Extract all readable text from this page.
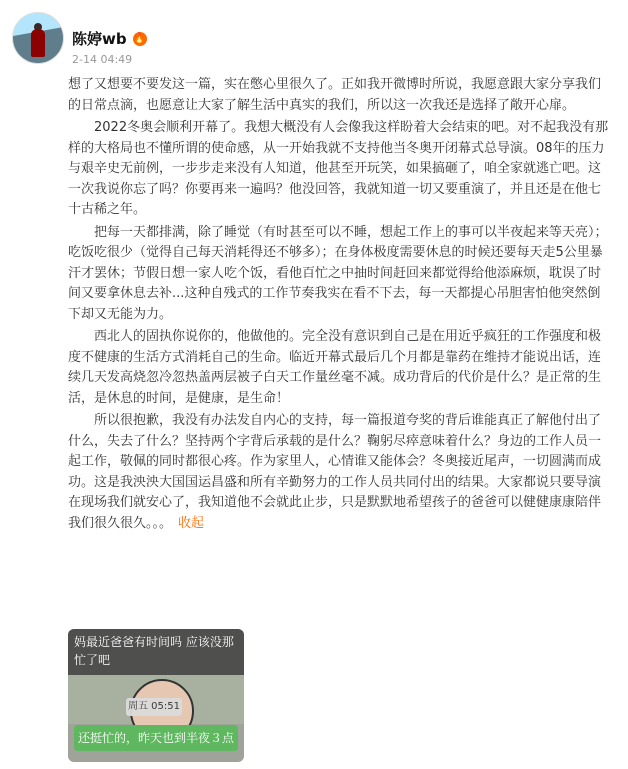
陈婷wb 🔥
2-14 04:49

想了又想要不要发这一篇，实在憋心里很久了。正如我开微博时所说，我愿意跟大家分享我们的日常点滴，也愿意让大家了解生活中真实的我们，所以这一次我还是选择了敞开心扉。

2022冬奥会顺利开幕了。我想大概没有人会像我这样盼着大会结束的吧。对不起我没有那样的大格局也不懂所谓的使命感，从一开始我就不支持他当冬奥开闭幕式总导演。08年的压力与艰辛史无前例，一步步走来没有人知道，他甚至开玩笑，如果搞砸了，咱全家就逃亡吧。这一次我说你忘了吗？你要再来一遍吗？他没回答，我就知道一切又要重演了，并且还是在他七十古稀之年。

把每一天都排满，除了睡觉（有时甚至可以不睡，想起工作上的事可以半夜起来等天亮）；吃饭吃很少（觉得自己每天消耗得还不够多）；在身体极度需要休息的时候还要每天走5公里暴汗才罢休；节假日想一家人吃个饭，看他百忙之中抽时间赶回来都觉得给他添麻烦，耽误了时间又要拿休息去补...这种自残式的工作节奏我实在看不下去，每一天都提心吊胆害怕他突然倒下却又无能为力。

西北人的固执你说你的，他做他的。完全没有意识到自己是在用近乎疯狂的工作强度和极度不健康的生活方式消耗自己的生命。临近开幕式最后几个月都是靠药在维持才能说出话，连续几天发高烧忽冷忽热盖两层被子白天工作量丝毫不减。成功背后的代价是什么？是正常的生活，是休息的时间，是健康，是生命！

所以很抱歉，我没有办法发自内心的支持，每一篇报道夸奖的背后谁能真正了解他付出了什么，失去了什么？坚持两个字背后承载的是什么？鞠躬尽瘁意味着什么？身边的工作人员一起工作，敬佩的同时都很心疼。作为家里人，心情谁又能体会？冬奥接近尾声，一切圆满而成功。这是我泱泱大国国运昌盛和所有辛勤努力的工作人员共同付出的结果。大家都说只要导演在现场我们就安心了，我知道他不会就此止步，只是默默地希望孩子的爸爸可以健健康康陪伴我们很久很久。。。 收起

妈最近爸爸有时间吗 应该没那忙了吧
周五 05:51
还挺忙的，昨天也到半夜３点
